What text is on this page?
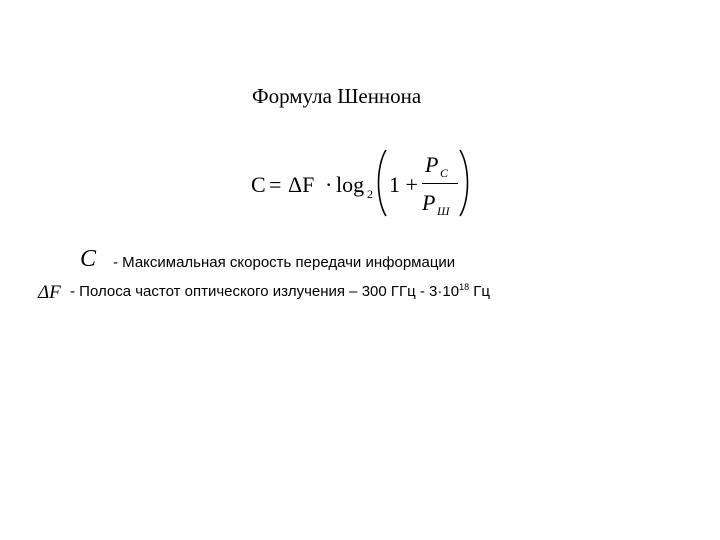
Формула Шеннона
C = ΔF · log 2 1 +
P C
P Ш
C - Максимальная скорость передачи информации
ΔF - Полоса частот оптического излучения – 300 ГГц - $3\cdot 10^{18}$ Гц
